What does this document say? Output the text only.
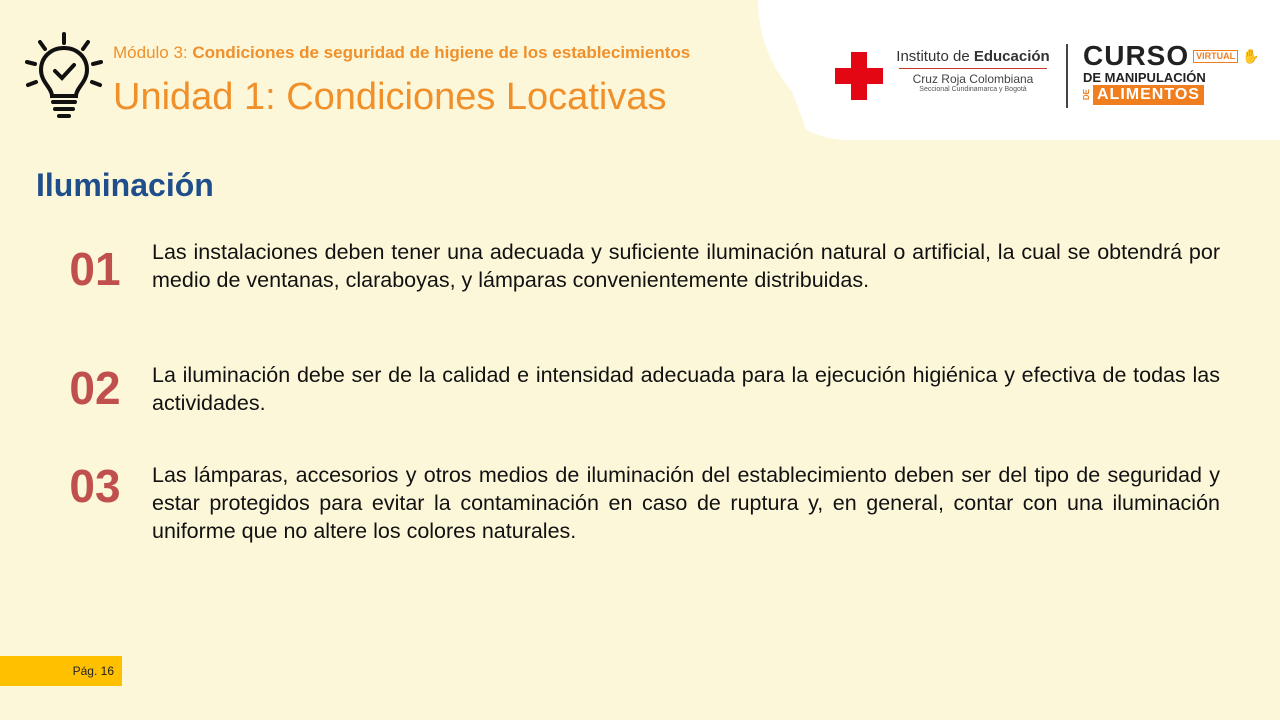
Módulo 3: Condiciones de seguridad de higiene de los establecimientos
Unidad 1: Condiciones Locativas
Instituto de Educación
Cruz Roja Colombiana
Seccional Cundinamarca y Bogotá
CURSO VIRTUAL ✋
DE MANIPULACIÓN
DE ALIMENTOS
Iluminación
01	Las instalaciones deben tener una adecuada y suficiente iluminación natural o artificial, la cual se obtendrá por medio de ventanas, claraboyas, y lámparas convenientemente distribuidas.
02	La iluminación debe ser de la calidad e intensidad adecuada para la ejecución higiénica y efectiva de todas las actividades.
03	Las lámparas, accesorios y otros medios de iluminación del establecimiento deben ser del tipo de seguridad y estar protegidos para evitar la contaminación en caso de ruptura y, en general, contar con una iluminación uniforme que no altere los colores naturales.
Pág. 16
